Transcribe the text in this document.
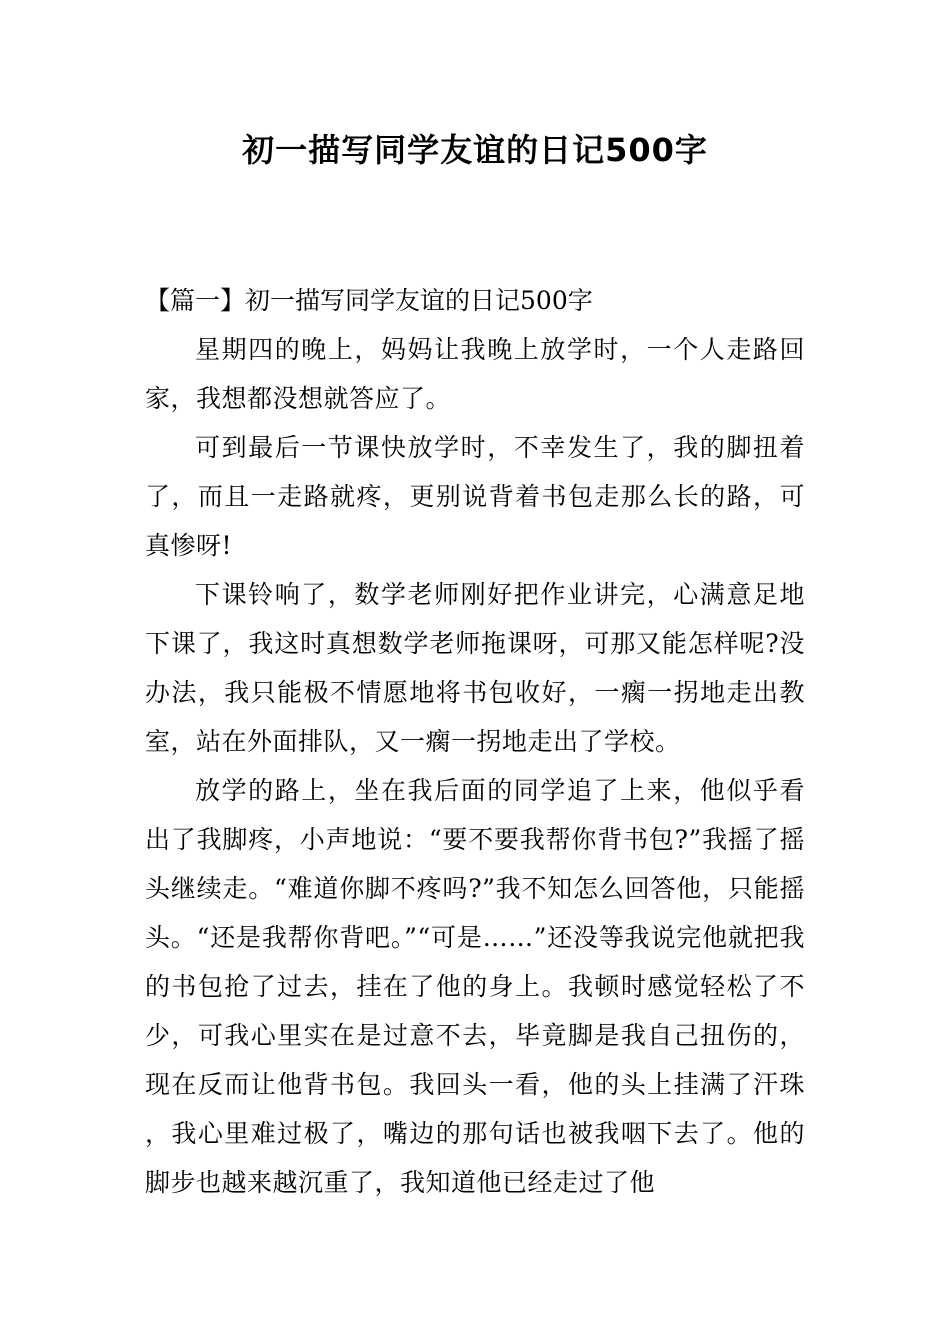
初一描写同学友谊的日记500字

【篇一】初一描写同学友谊的日记500字

星期四的晚上，妈妈让我晚上放学时，一个人走路回家，我想都没想就答应了。

可到最后一节课快放学时，不幸发生了，我的脚扭着了，而且一走路就疼，更别说背着书包走那么长的路，可真惨呀!

下课铃响了，数学老师刚好把作业讲完，心满意足地下课了，我这时真想数学老师拖课呀，可那又能怎样呢?没办法，我只能极不情愿地将书包收好，一瘸一拐地走出教室，站在外面排队，又一瘸一拐地走出了学校。

放学的路上，坐在我后面的同学追了上来，他似乎看出了我脚疼，小声地说：“要不要我帮你背书包?”我摇了摇头继续走。“难道你脚不疼吗?”我不知怎么回答他，只能摇头。“还是我帮你背吧。”“可是……”还没等我说完他就把我的书包抢了过去，挂在了他的身上。我顿时感觉轻松了不少，可我心里实在是过意不去，毕竟脚是我自己扭伤的，现在反而让他背书包。我回头一看，他的头上挂满了汗珠，我心里难过极了，嘴边的那句话也被我咽下去了。他的脚步也越来越沉重了，我知道他已经走过了他
